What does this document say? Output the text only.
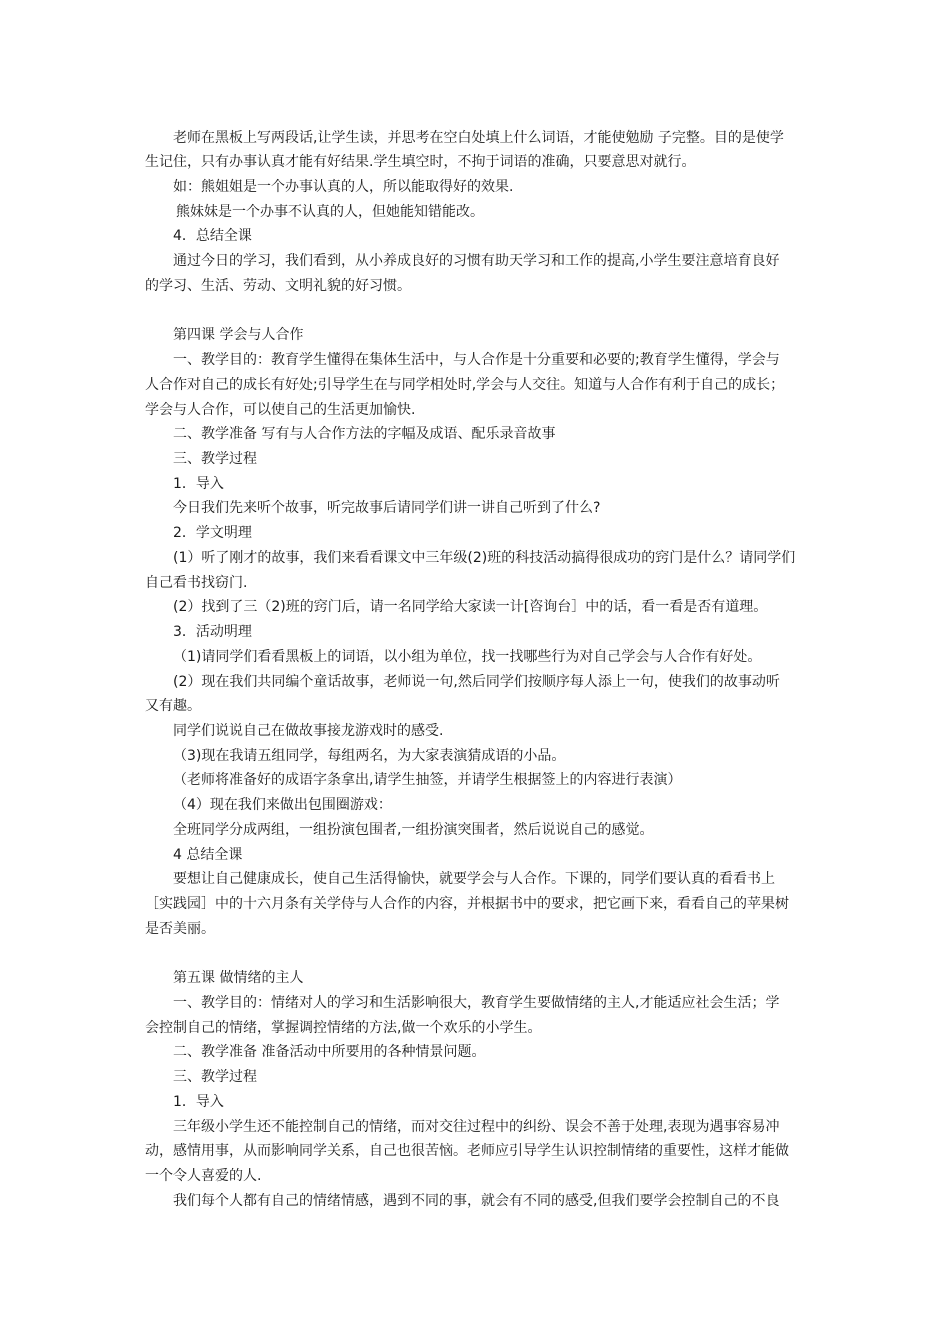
老师在黑板上写两段话,让学生读，并思考在空白处填上什么词语，才能使勉励 子完整。目的是使学
生记住，只有办事认真才能有好结果.学生填空时，不拘于词语的准确，只要意思对就行。
如：熊姐姐是一个办事认真的人，所以能取得好的效果.
熊妹妹是一个办事不认真的人，但她能知错能改。
4．总结全课
通过今日的学习，我们看到，从小养成良好的习惯有助天学习和工作的提高,小学生要注意培育良好
的学习、生活、劳动、文明礼貌的好习惯。
第四课 学会与人合作
一、教学目的：教育学生懂得在集体生活中，与人合作是十分重要和必要的;教育学生懂得，学会与
人合作对自己的成长有好处;引导学生在与同学相处时,学会与人交往。知道与人合作有利于自己的成长；
学会与人合作，可以使自己的生活更加愉快.
二、教学准备 写有与人合作方法的字幅及成语、配乐录音故事
三、教学过程
1．导入
今日我们先来听个故事，听完故事后请同学们讲一讲自己听到了什么?
2．学文明理
(1）听了刚才的故事，我们来看看课文中三年级(2)班的科技活动搞得很成功的窍门是什么？请同学们
自己看书找窃门.
(2）找到了三（2)班的窍门后，请一名同学给大家读一计[咨询台］中的话，看一看是否有道理。
3．活动明理
（1)请同学们看看黑板上的词语，以小组为单位，找一找哪些行为对自己学会与人合作有好处。
(2）现在我们共同编个童话故事，老师说一句,然后同学们按顺序每人添上一句，使我们的故事动听
又有趣。
同学们说说自己在做故事接龙游戏时的感受.
（3)现在我请五组同学，每组两名，为大家表演猜成语的小品。
（老师将准备好的成语字条拿出,请学生抽签，并请学生根据签上的内容进行表演）
（4）现在我们来做出包围圈游戏：
全班同学分成两组，一组扮演包围者,一组扮演突围者，然后说说自己的感觉。
4 总结全课
要想让自己健康成长，使自己生活得愉快，就要学会与人合作。下课的，同学们要认真的看看书上
［实践园］中的十六月条有关学侍与人合作的内容，并根据书中的要求，把它画下来，看看自己的苹果树
是否美丽。
第五课 做情绪的主人
一、教学目的：情绪对人的学习和生活影响很大，教育学生要做情绪的主人,才能适应社会生活；学
会控制自己的情绪，掌握调控情绪的方法,做一个欢乐的小学生。
二、教学准备 准备活动中所要用的各种情景问题。
三、教学过程
1．导入
三年级小学生还不能控制自己的情绪，而对交往过程中的纠纷、误会不善于处理,表现为遇事容易冲
动，感情用事，从而影响同学关系，自己也很苦恼。老师应引导学生认识控制情绪的重要性，这样才能做
一个令人喜爱的人.
我们每个人都有自己的情绪情感，遇到不同的事，就会有不同的感受,但我们要学会控制自己的不良
